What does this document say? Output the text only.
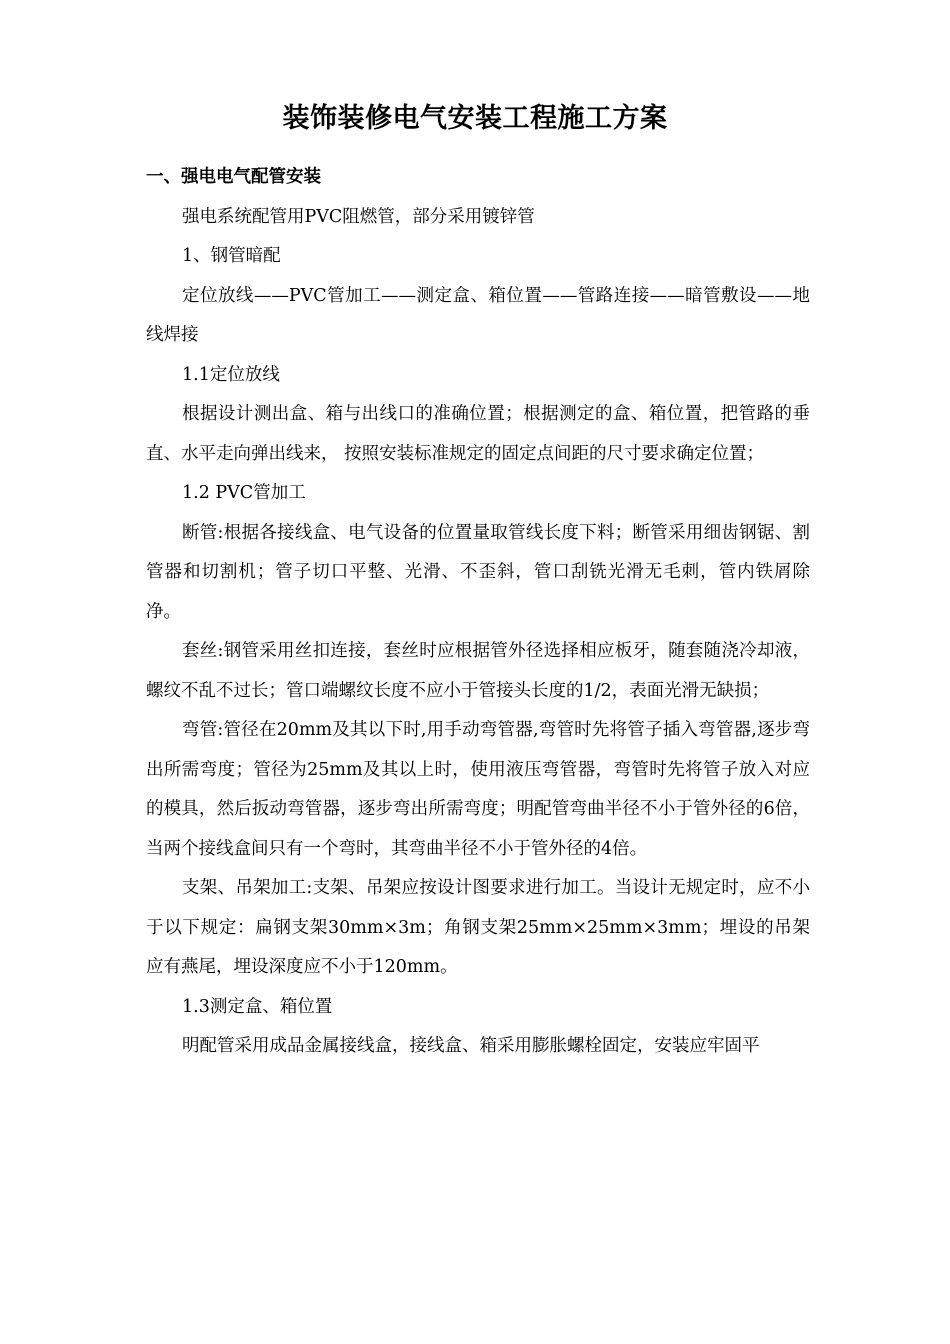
装饰装修电气安装工程施工方案
一、强电电气配管安装
强电系统配管用PVC阻燃管，部分采用镀锌管
1、钢管暗配
定位放线——PVC管加工——测定盒、箱位置——管路连接——暗管敷设——地线焊接
1.1定位放线
根据设计测出盒、箱与出线口的准确位置；根据测定的盒、箱位置，把管路的垂直、水平走向弹出线来， 按照安装标准规定的固定点间距的尺寸要求确定位置；
1.2 PVC管加工
断管:根据各接线盒、电气设备的位置量取管线长度下料；断管采用细齿钢锯、割管器和切割机；管子切口平整、光滑、不歪斜，管口刮铣光滑无毛刺，管内铁屑除净。
套丝:钢管采用丝扣连接，套丝时应根据管外径选择相应板牙，随套随浇冷却液，螺纹不乱不过长；管口端螺纹长度不应小于管接头长度的1/2，表面光滑无缺损；
弯管:管径在20mm及其以下时,用手动弯管器,弯管时先将管子插入弯管器,逐步弯出所需弯度；管径为25mm及其以上时，使用液压弯管器，弯管时先将管子放入对应的模具，然后扳动弯管器，逐步弯出所需弯度；明配管弯曲半径不小于管外径的6倍，当两个接线盒间只有一个弯时，其弯曲半径不小于管外径的4倍。
支架、吊架加工:支架、吊架应按设计图要求进行加工。当设计无规定时，应不小于以下规定：扁钢支架30mm×3m；角钢支架25mm×25mm×3mm；埋设的吊架应有燕尾，埋设深度应不小于120mm。
1.3测定盒、箱位置
明配管采用成品金属接线盒，接线盒、箱采用膨胀螺栓固定，安装应牢固平
